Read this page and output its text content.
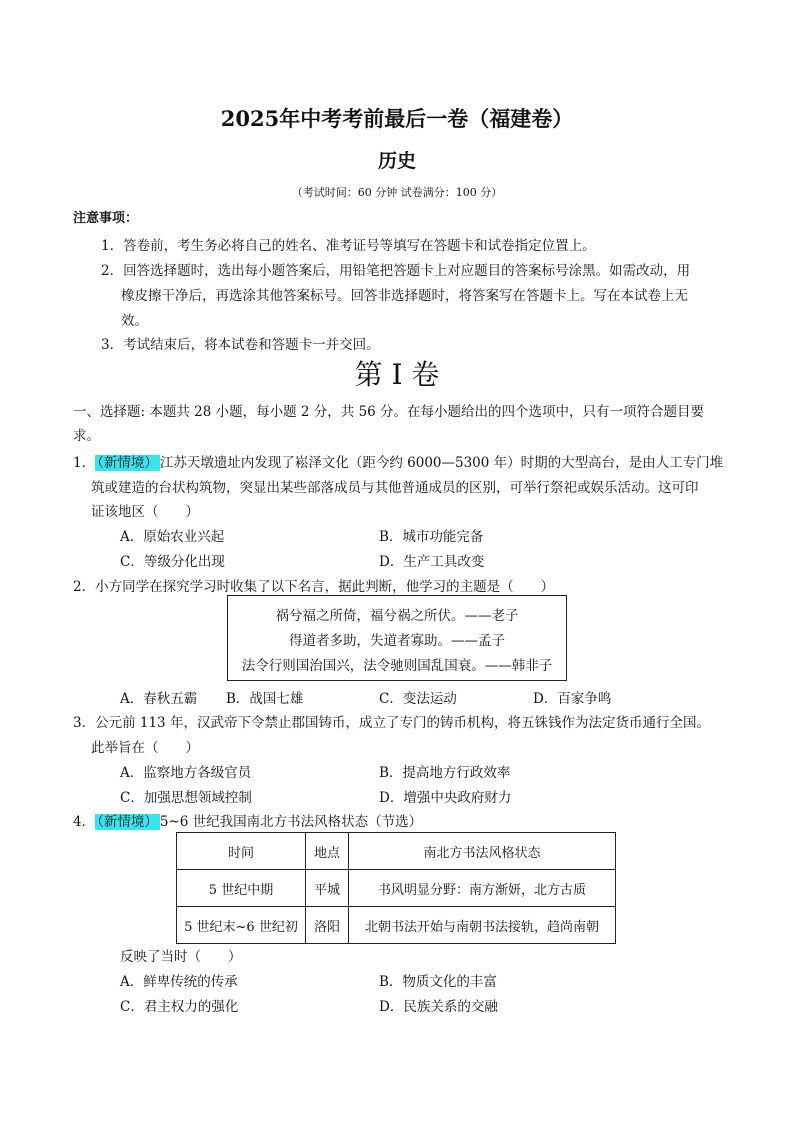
2025年中考考前最后一卷（福建卷）
历史
（考试时间：60 分钟 试卷满分：100 分）
注意事项：
1．答卷前，考生务必将自己的姓名、准考证号等填写在答题卡和试卷指定位置上。
2．回答选择题时，选出每小题答案后，用铅笔把答题卡上对应题目的答案标号涂黑。如需改动，用
橡皮擦干净后，再选涂其他答案标号。回答非选择题时，将答案写在答题卡上。写在本试卷上无
效。
3．考试结束后，将本试卷和答题卡一并交回。
第 I 卷
一、选择题: 本题共 28 小题，每小题 2 分，共 56 分。在每小题给出的四个选项中，只有一项符合题目要
求。
1． （新情境） 江苏天墩遗址内发现了崧泽文化（距今约 6000—5300 年）时期的大型高台，是由人工专门堆
筑或建造的台状构筑物，突显出某些部落成员与其他普通成员的区别，可举行祭祀或娱乐活动。这可印
证该地区（　　）
A．原始农业兴起	B．城市功能完备
C．等级分化出现	D．生产工具改变
2．小方同学在探究学习时收集了以下名言，据此判断，他学习的主题是（　　）
祸兮福之所倚，福兮祸之所伏。——老子
得道者多助，失道者寡助。——孟子
法令行则国治国兴，法令驰则国乱国衰。——韩非子
A．春秋五霸 B．战国七雄	C．变法运动	D．百家争鸣
3．公元前 113 年，汉武帝下令禁止郡国铸币，成立了专门的铸币机构，将五铢钱作为法定货币通行全国。
此举旨在（　　）
A．监察地方各级官员	B．提高地方行政效率
C．加强思想领域控制	D．增强中央政府财力
4． （新情境） 5~6 世纪我国南北方书法风格状态（节选）
时间	地点	南北方书法风格状态
5 世纪中期	平城	书风明显分野：南方渐妍，北方古质
5 世纪末~6 世纪初	洛阳	北朝书法开始与南朝书法接轨，趋尚南朝
反映了当时（　　）
A．鲜卑传统的传承	B．物质文化的丰富
C．君主权力的强化	D．民族关系的交融
